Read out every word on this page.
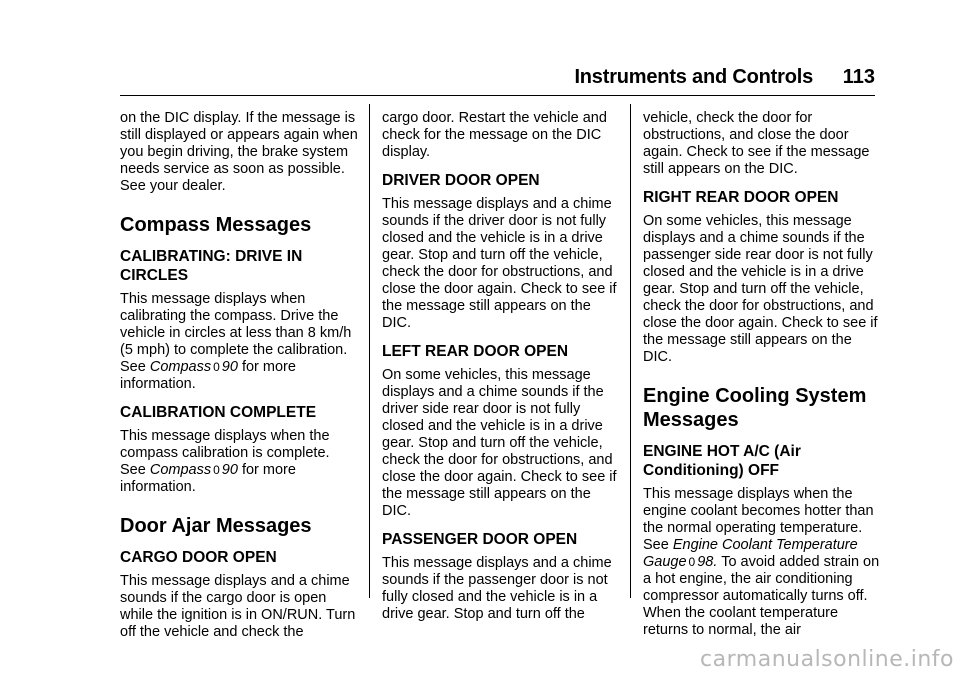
Instruments and Controls 113

on the DIC display. If the message is still displayed or appears again when you begin driving, the brake system needs service as soon as possible. See your dealer.

Compass Messages
CALIBRATING: DRIVE IN CIRCLES

This message displays when calibrating the compass. Drive the vehicle in circles at less than 8 km/h (5 mph) to complete the calibration. See Compass 0 90 for more information.

CALIBRATION COMPLETE

This message displays when the compass calibration is complete. See Compass 0 90 for more information.

Door Ajar Messages
CARGO DOOR OPEN

This message displays and a chime sounds if the cargo door is open while the ignition is in ON/RUN. Turn off the vehicle and check the

cargo door. Restart the vehicle and check for the message on the DIC display.

DRIVER DOOR OPEN

This message displays and a chime sounds if the driver door is not fully closed and the vehicle is in a drive gear. Stop and turn off the vehicle, check the door for obstructions, and close the door again. Check to see if the message still appears on the DIC.

LEFT REAR DOOR OPEN

On some vehicles, this message displays and a chime sounds if the driver side rear door is not fully closed and the vehicle is in a drive gear. Stop and turn off the vehicle, check the door for obstructions, and close the door again. Check to see if the message still appears on the DIC.

PASSENGER DOOR OPEN

This message displays and a chime sounds if the passenger door is not fully closed and the vehicle is in a drive gear. Stop and turn off the

vehicle, check the door for obstructions, and close the door again. Check to see if the message still appears on the DIC.

RIGHT REAR DOOR OPEN

On some vehicles, this message displays and a chime sounds if the passenger side rear door is not fully closed and the vehicle is in a drive gear. Stop and turn off the vehicle, check the door for obstructions, and close the door again. Check to see if the message still appears on the DIC.

Engine Cooling System Messages
ENGINE HOT A/C (Air Conditioning) OFF

This message displays when the engine coolant becomes hotter than the normal operating temperature. See Engine Coolant Temperature Gauge 0 98. To avoid added strain on a hot engine, the air conditioning compressor automatically turns off. When the coolant temperature returns to normal, the air

carmanualsonline.info
